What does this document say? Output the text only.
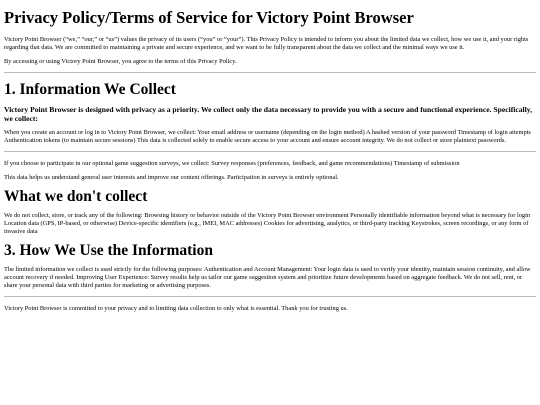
Privacy Policy/Terms of Service for Victory Point Browser

Victory Point Browser (“we,” “our,” or “us”) values the privacy of its users (“you” or “your”). This Privacy Policy is intended to inform you about the limited data we collect, how we use it, and your rights regarding that data. We are committed to maintaining a private and secure experience, and we want to be fully transparent about the data we collect and the minimal ways we use it.

By accessing or using Victory Point Browser, you agree to the terms of this Privacy Policy.

1. Information We Collect

Victory Point Browser is designed with privacy as a priority. We collect only the data necessary to provide you with a secure and functional experience. Specifically, we collect:

When you create an account or log in to Victory Point Browser, we collect: Your email address or username (depending on the login method) A hashed version of your password Timestamp of login attempts Authentication tokens (to maintain secure sessions) This data is collected solely to enable secure access to your account and ensure account integrity. We do not collect or store plaintext passwords.

If you choose to participate in our optional game suggestion surveys, we collect: Survey responses (preferences, feedback, and game recommendations) Timestamp of submission

This data helps us understand general user interests and improve our content offerings. Participation in surveys is entirely optional.

What we don't collect

We do not collect, store, or track any of the following: Browsing history or behavior outside of the Victory Point Browser environment Personally identifiable information beyond what is necessary for login Location data (GPS, IP-based, or otherwise) Device-specific identifiers (e.g., IMEI, MAC addresses) Cookies for advertising, analytics, or third-party tracking Keystrokes, screen recordings, or any form of invasive data

3. How We Use the Information

The limited information we collect is used strictly for the following purposes: Authentication and Account Management: Your login data is used to verify your identity, maintain session continuity, and allow account recovery if needed. Improving User Experience: Survey results help us tailor our game suggestion system and prioritize future developments based on aggregate feedback. We do not sell, rent, or share your personal data with third parties for marketing or advertising purposes.

Victory Point Browser is committed to your privacy and to limiting data collection to only what is essential. Thank you for trusting us.
